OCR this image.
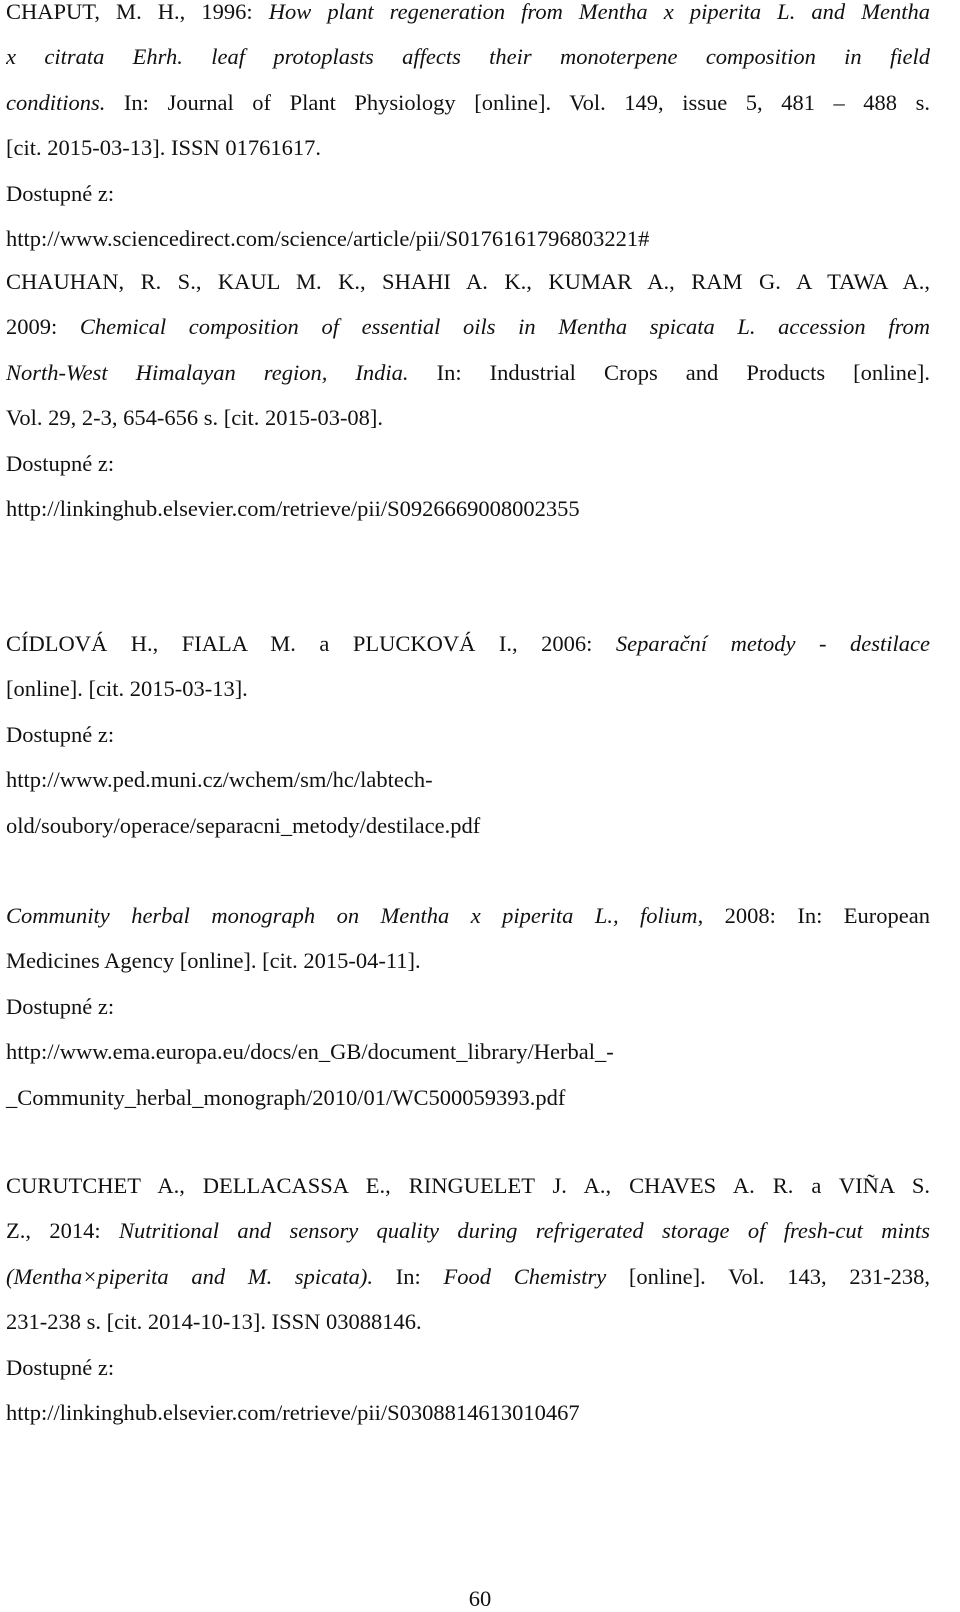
CHAPUT, M. H., 1996: How plant regeneration from Mentha x piperita L. and Mentha
x citrata Ehrh. leaf protoplasts affects their monoterpene composition in field
conditions. In: Journal of Plant Physiology [online]. Vol. 149, issue 5, 481 – 488 s.
[cit. 2015-03-13]. ISSN 01761617.
Dostupné z:
http://www.sciencedirect.com/science/article/pii/S0176161796803221#
CHAUHAN, R. S., KAUL M. K., SHAHI A. K., KUMAR A., RAM G. A TAWA A.,
2009: Chemical composition of essential oils in Mentha spicata L. accession from
North-West Himalayan region, India. In: Industrial Crops and Products [online].
Vol. 29, 2-3, 654-656 s. [cit. 2015-03-08].
Dostupné z:
http://linkinghub.elsevier.com/retrieve/pii/S0926669008002355
CÍDLOVÁ H., FIALA M. a PLUCKOVÁ I., 2006: Separační metody - destilace
[online]. [cit. 2015-03-13].
Dostupné z:
http://www.ped.muni.cz/wchem/sm/hc/labtech-
old/soubory/operace/separacni_metody/destilace.pdf
Community herbal monograph on Mentha x piperita L., folium, 2008: In: European
Medicines Agency [online]. [cit. 2015-04-11].
Dostupné z:
http://www.ema.europa.eu/docs/en_GB/document_library/Herbal_-
_Community_herbal_monograph/2010/01/WC500059393.pdf
CURUTCHET A., DELLACASSA E., RINGUELET J. A., CHAVES A. R. a VIÑA S.
Z., 2014: Nutritional and sensory quality during refrigerated storage of fresh-cut mints
(Mentha×piperita and M. spicata). In: Food Chemistry [online]. Vol. 143, 231-238,
231-238 s. [cit. 2014-10-13]. ISSN 03088146.
Dostupné z:
http://linkinghub.elsevier.com/retrieve/pii/S0308814613010467
60
